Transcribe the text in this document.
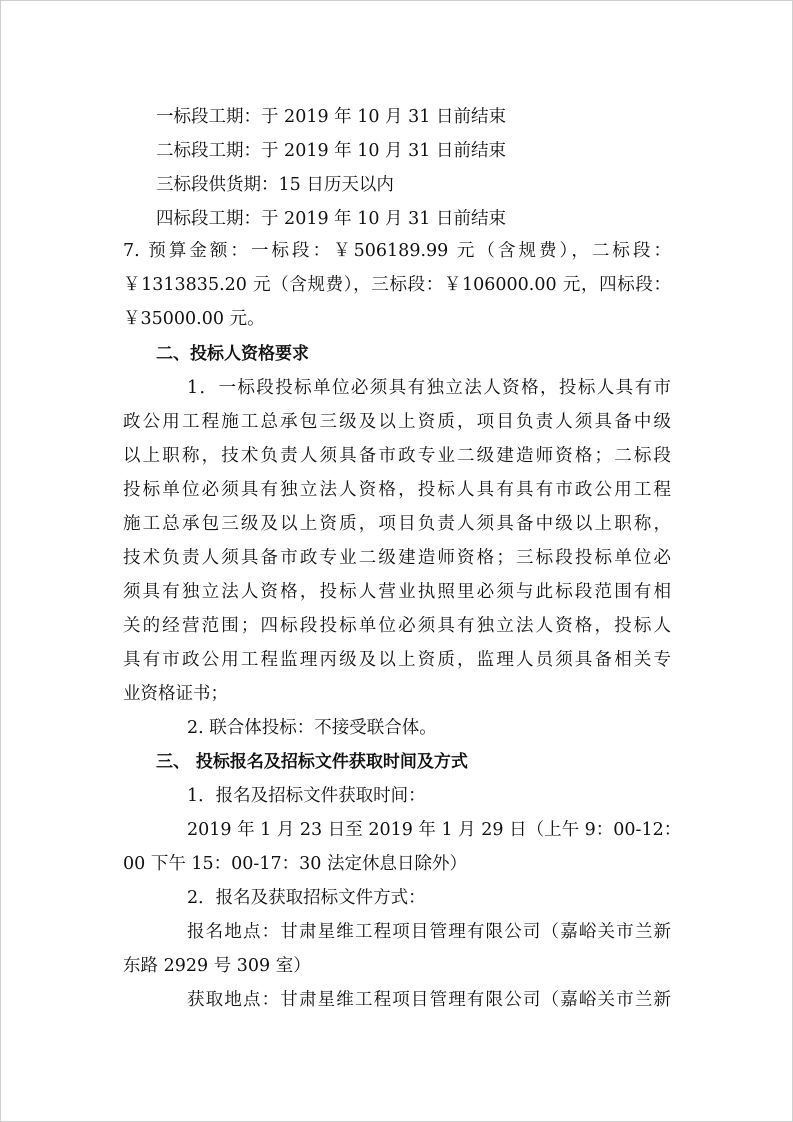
一标段工期：于 2019 年 10 月 31 日前结束
二标段工期：于 2019 年 10 月 31 日前结束
三标段供货期：15 日历天以内
四标段工期：于 2019 年 10 月 31 日前结束
7. 预算金额：一标段：￥506189.99 元（含规费），二标段：
￥1313835.20 元（含规费），三标段：￥106000.00 元，四标段：
￥35000.00 元。
二、投标人资格要求
1．一标段投标单位必须具有独立法人资格，投标人具有市
政公用工程施工总承包三级及以上资质，项目负责人须具备中级
以上职称，技术负责人须具备市政专业二级建造师资格；二标段
投标单位必须具有独立法人资格，投标人具有具有市政公用工程
施工总承包三级及以上资质，项目负责人须具备中级以上职称，
技术负责人须具备市政专业二级建造师资格；三标段投标单位必
须具有独立法人资格，投标人营业执照里必须与此标段范围有相
关的经营范围；四标段投标单位必须具有独立法人资格，投标人
具有市政公用工程监理丙级及以上资质，监理人员须具备相关专
业资格证书；
2. 联合体投标：不接受联合体。
三、 投标报名及招标文件获取时间及方式
1．报名及招标文件获取时间：
2019 年 1 月 23 日至 2019 年 1 月 29 日（上午 9：00-12：
00 下午 15：00-17：30 法定休息日除外）
2．报名及获取招标文件方式：
报名地点：甘肃星维工程项目管理有限公司（嘉峪关市兰新
东路 2929 号 309 室）
获取地点：甘肃星维工程项目管理有限公司（嘉峪关市兰新
